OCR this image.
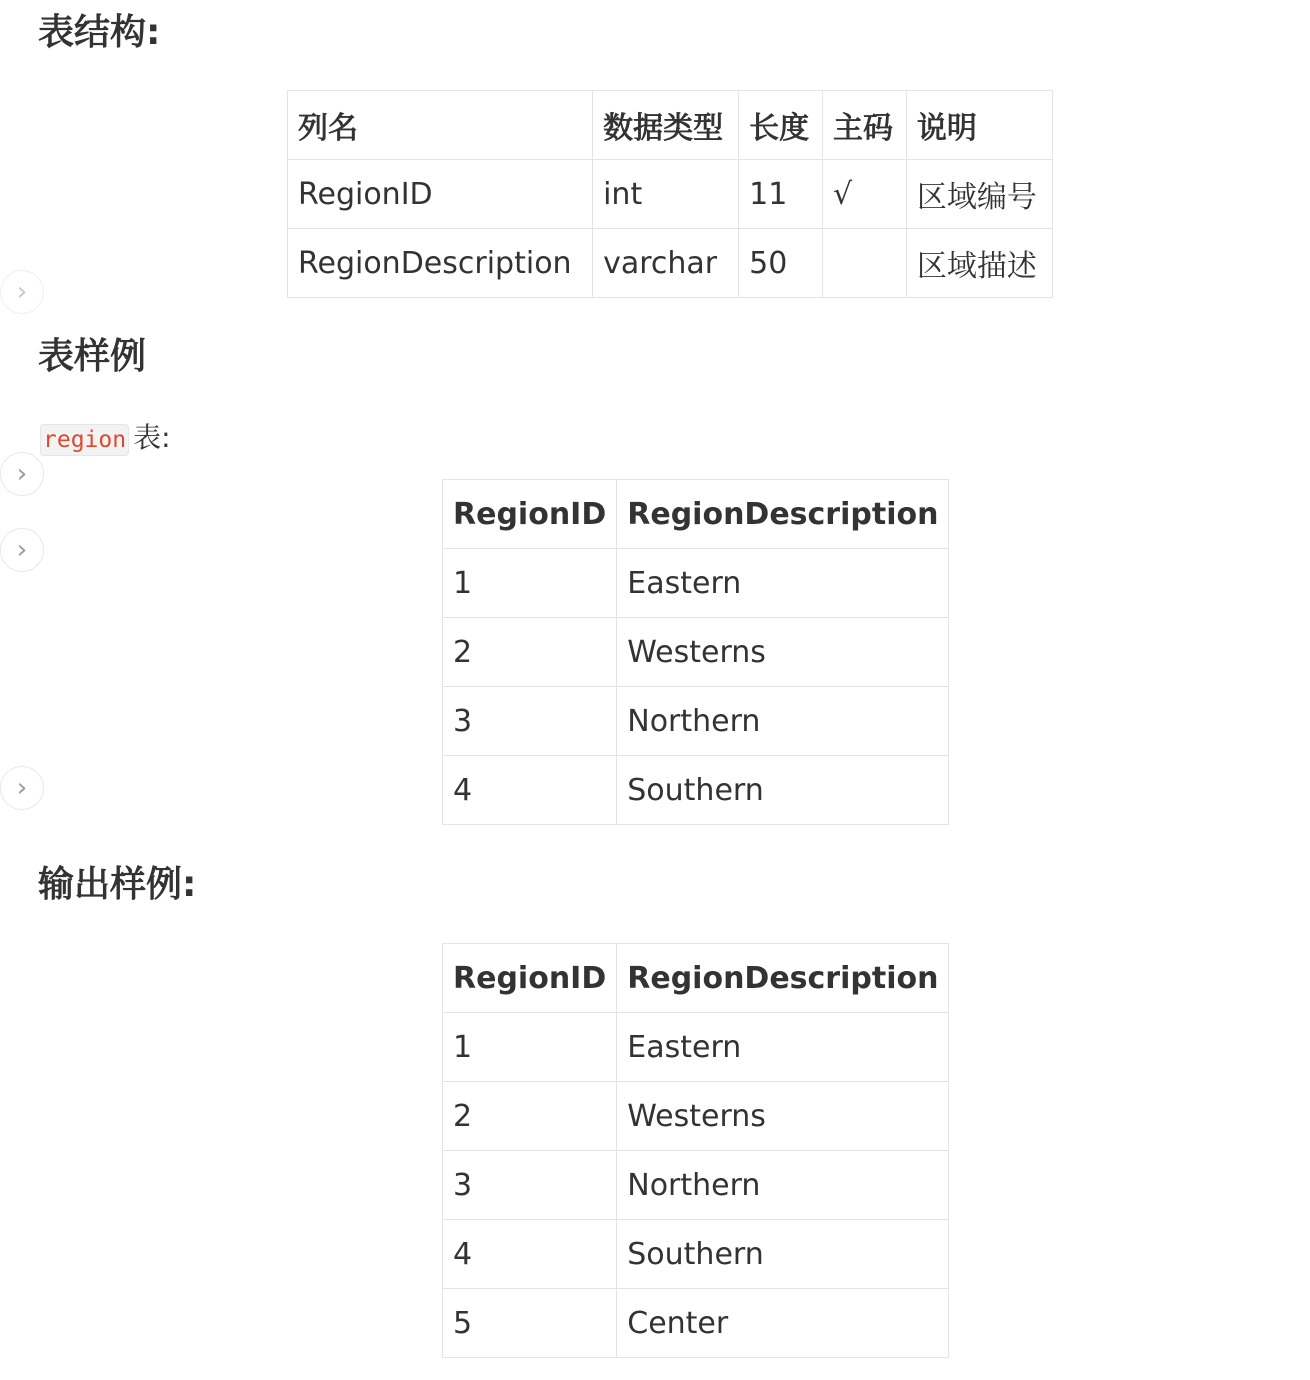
›
›
›
›
表结构:
列名	数据类型	长度	主码	说明
RegionID	int	11	√	区域编号
RegionDescription	varchar	50		区域描述
表样例
region 表:
RegionID	RegionDescription
1	Eastern
2	Westerns
3	Northern
4	Southern
输出样例:
RegionID	RegionDescription
1	Eastern
2	Westerns
3	Northern
4	Southern
5	Center
